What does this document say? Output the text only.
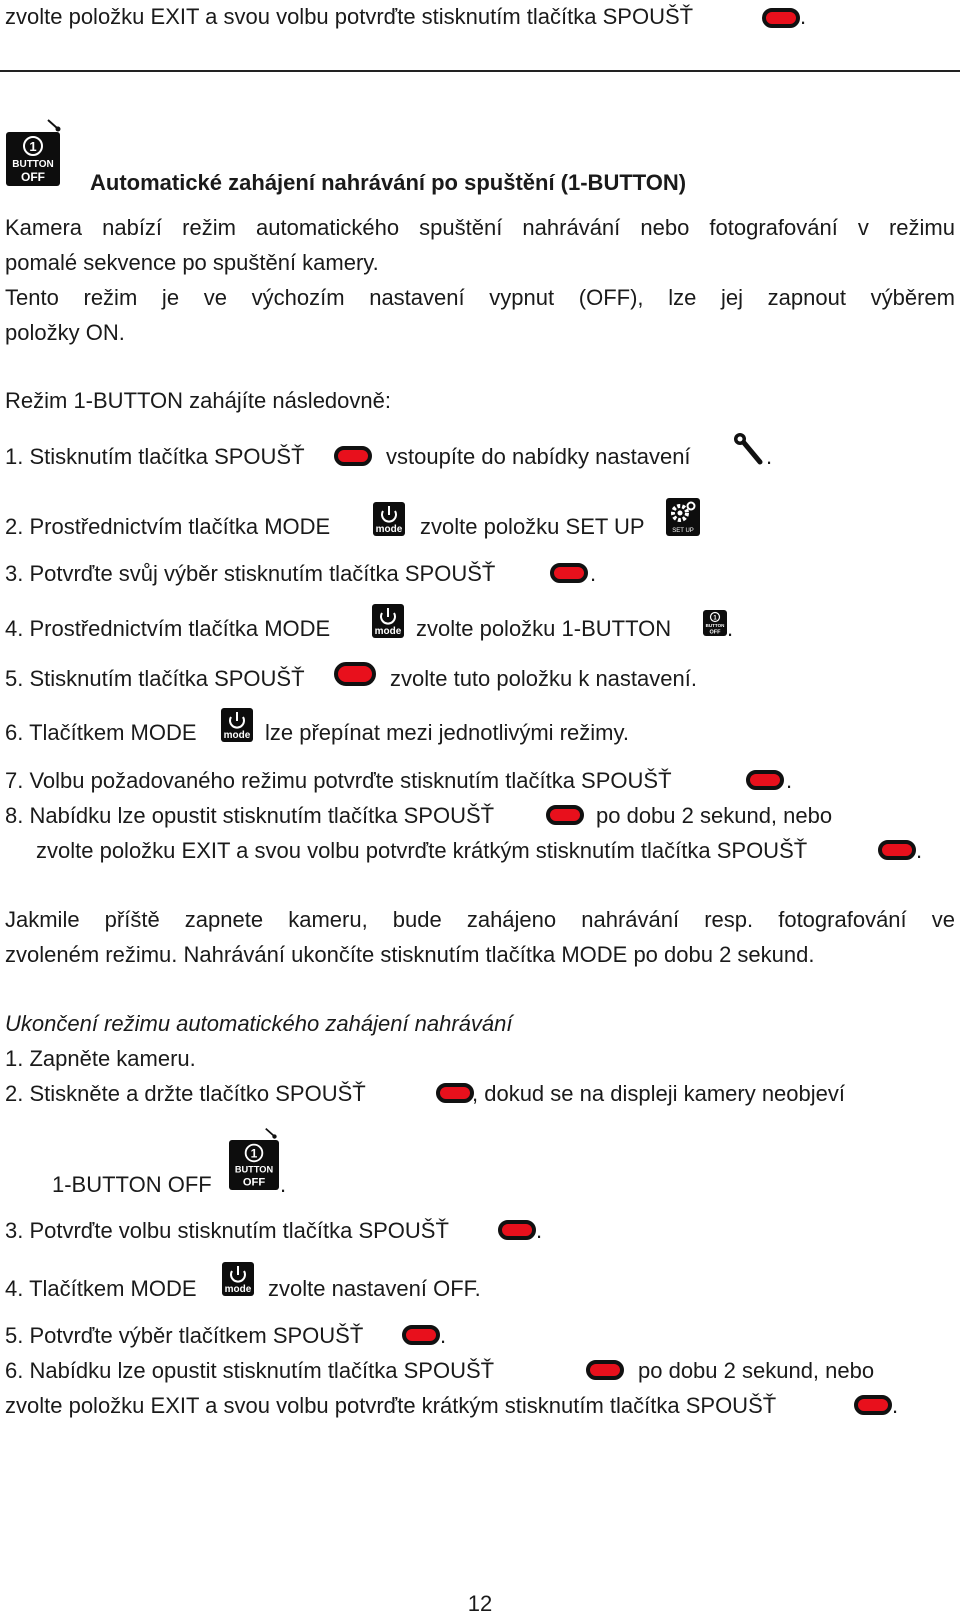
zvolte položku EXIT a svou volbu potvrďte stisknutím tlačítka SPOUŠŤ	.
1
BUTTON
OFF Automatické zahájení nahrávání po spuštění (1-BUTTON)
Kamera nabízí režim automatického spuštění nahrávání nebo fotografování v režimu
pomalé sekvence po spuštění kamery.
Tento režim je ve výchozím nastavení vypnut (OFF), lze jej zapnout výběrem
položky ON.
Režim 1-BUTTON zahájíte následovně:
1. Stisknutím tlačítka SPOUŠŤ	vstoupíte do nabídky nastavení	.
2. Prostřednictvím tlačítka MODE	mode zvolte položku SET UP	SET UP
3. Potvrďte svůj výběr stisknutím tlačítka SPOUŠŤ	.
4. Prostřednictvím tlačítka MODE	mode zvolte položku 1-BUTTON	1
BUTTON
OFF .
5. Stisknutím tlačítka SPOUŠŤ	zvolte tuto položku k nastavení.
6. Tlačítkem MODE	mode lze přepínat mezi jednotlivými režimy.
7. Volbu požadovaného režimu potvrďte stisknutím tlačítka SPOUŠŤ	.
8. Nabídku lze opustit stisknutím tlačítka SPOUŠŤ	po dobu 2 sekund, nebo
zvolte položku EXIT a svou volbu potvrďte krátkým stisknutím tlačítka SPOUŠŤ	.
Jakmile příště zapnete kameru, bude zahájeno nahrávání resp. fotografování ve
zvoleném režimu. Nahrávání ukončíte stisknutím tlačítka MODE po dobu 2 sekund.
Ukončení režimu automatického zahájení nahrávání
1. Zapněte kameru.
2. Stiskněte a držte tlačítko SPOUŠŤ	, dokud se na displeji kamery neobjeví
1-BUTTON OFF
1
BUTTON
OFF .
3. Potvrďte volbu stisknutím tlačítka SPOUŠŤ	.
4. Tlačítkem MODE	mode zvolte nastavení OFF.
5. Potvrďte výběr tlačítkem SPOUŠŤ	.
6. Nabídku lze opustit stisknutím tlačítka SPOUŠŤ	po dobu 2 sekund, nebo
zvolte položku EXIT a svou volbu potvrďte krátkým stisknutím tlačítka SPOUŠŤ	.
12
